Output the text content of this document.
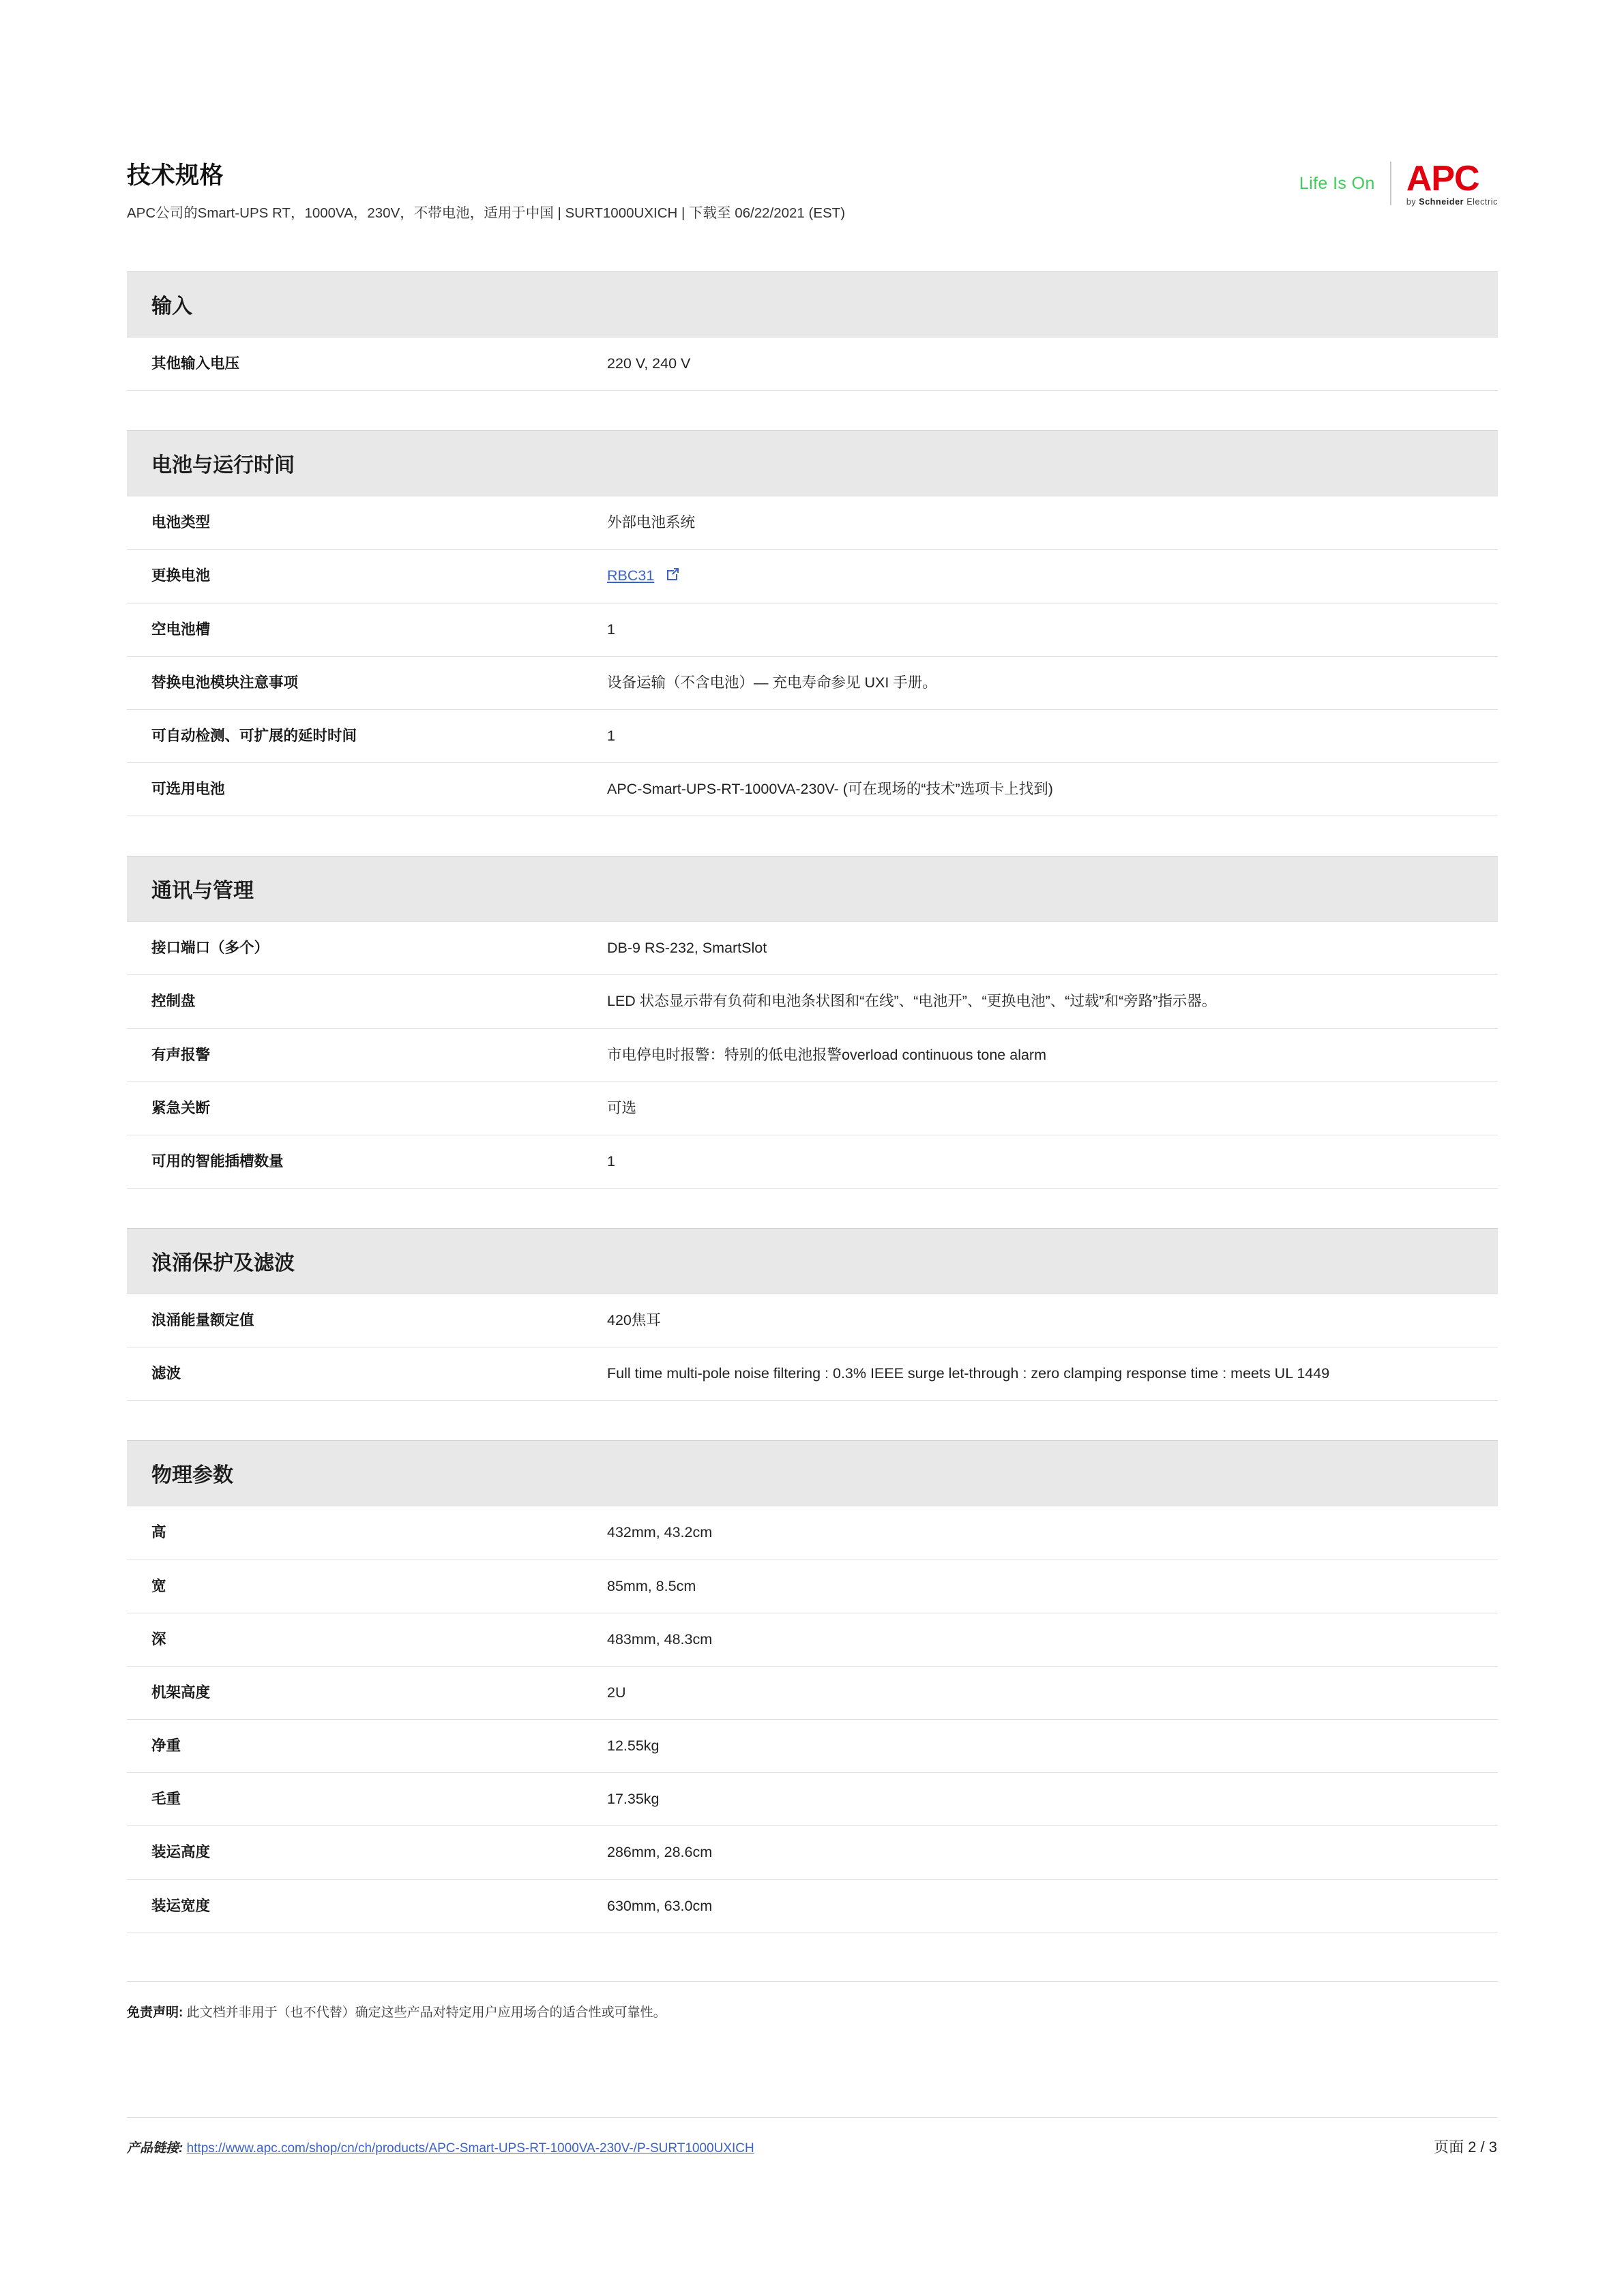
技术规格
APC公司的Smart-UPS RT，1000VA，230V，不带电池，适用于中国 | SURT1000UXICH | 下载至 06/22/2021 (EST)
Life Is On APC
by Schneider Electric
输入
其他输入电压	220 V, 240 V
电池与运行时间
电池类型	外部电池系统
更换电池	RBC31

空电池槽	1
替换电池模块注意事项	设备运输（不含电池）— 充电寿命参见 UXI 手册。
可自动检测、可扩展的延时时间	1
可选用电池	APC-Smart-UPS-RT-1000VA-230V- (可在现场的“技术”选项卡上找到)
通讯与管理
接口端口（多个）	DB-9 RS-232, SmartSlot
控制盘	LED 状态显示带有负荷和电池条状图和“在线”、“电池开”、“更换电池”、“过载”和“旁路”指示器。
有声报警	市电停电时报警：特别的低电池报警overload continuous tone alarm
紧急关断	可选
可用的智能插槽数量	1
浪涌保护及滤波
浪涌能量额定值	420焦耳
滤波	Full time multi-pole noise filtering : 0.3% IEEE surge let-through : zero clamping response time : meets UL 1449
物理参数
高	432mm, 43.2cm
宽	85mm, 8.5cm
深	483mm, 48.3cm
机架高度	2U
净重	12.55kg
毛重	17.35kg
装运高度	286mm, 28.6cm
装运宽度	630mm, 63.0cm
免责声明: 此文档并非用于（也不代替）确定这些产品对特定用户应用场合的适合性或可靠性。
产品链接: https://www.apc.com/shop/cn/ch/products/APC-Smart-UPS-RT-1000VA-230V-/P-SURT1000UXICH	页面 2 / 3
